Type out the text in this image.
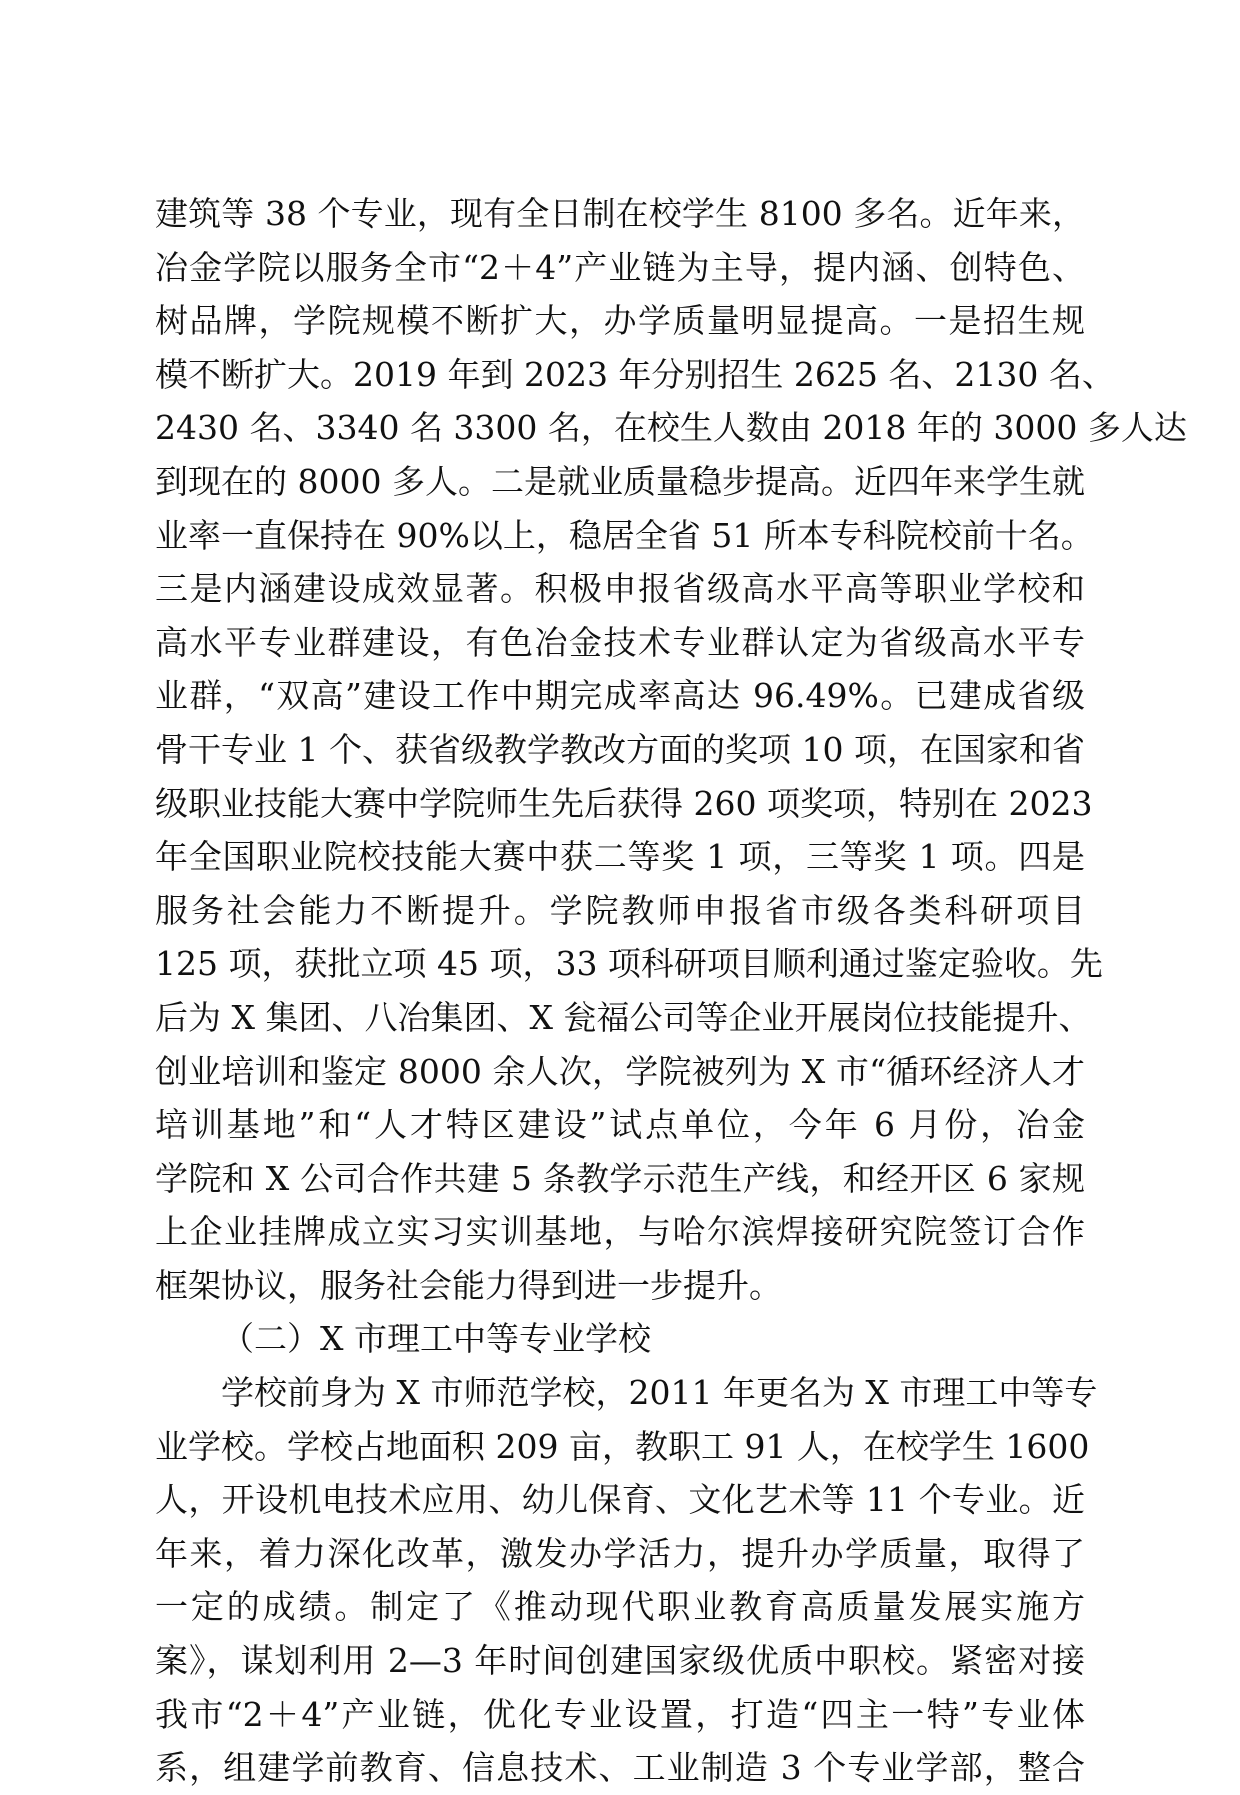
建筑等 38 个专业，现有全日制在校学生 8100 多名。近年来，
冶金学院以服务全市“2＋4”产业链为主导，提内涵、创特色、
树品牌，学院规模不断扩大，办学质量明显提高。一是招生规
模不断扩大。2019 年到 2023 年分别招生 2625 名、2130 名、
2430 名、3340 名 3300 名，在校生人数由 2018 年的 3000 多人达
到现在的 8000 多人。二是就业质量稳步提高。近四年来学生就
业率一直保持在 90%以上，稳居全省 51 所本专科院校前十名。
三是内涵建设成效显著。积极申报省级高水平高等职业学校和
高水平专业群建设，有色冶金技术专业群认定为省级高水平专
业群，“双高”建设工作中期完成率高达 96.49%。已建成省级
骨干专业 1 个、获省级教学教改方面的奖项 10 项，在国家和省
级职业技能大赛中学院师生先后获得 260 项奖项，特别在 2023
年全国职业院校技能大赛中获二等奖 1 项，三等奖 1 项。四是
服务社会能力不断提升。学院教师申报省市级各类科研项目
125 项，获批立项 45 项，33 项科研项目顺利通过鉴定验收。先
后为 X 集团、八冶集团、X 瓮福公司等企业开展岗位技能提升、
创业培训和鉴定 8000 余人次，学院被列为 X 市“循环经济人才
培训基地”和“人才特区建设”试点单位，今年 6 月份，冶金
学院和 X 公司合作共建 5 条教学示范生产线，和经开区 6 家规
上企业挂牌成立实习实训基地，与哈尔滨焊接研究院签订合作
框架协议，服务社会能力得到进一步提升。
（二）X 市理工中等专业学校
学校前身为 X 市师范学校，2011 年更名为 X 市理工中等专
业学校。学校占地面积 209 亩，教职工 91 人，在校学生 1600
人，开设机电技术应用、幼儿保育、文化艺术等 11 个专业。近
年来，着力深化改革，激发办学活力，提升办学质量，取得了
一定的成绩。制定了《推动现代职业教育高质量发展实施方
案》，谋划利用 2—3 年时间创建国家级优质中职校。紧密对接
我市“2＋4”产业链，优化专业设置，打造“四主一特”专业体
系，组建学前教育、信息技术、工业制造 3 个专业学部，整合
